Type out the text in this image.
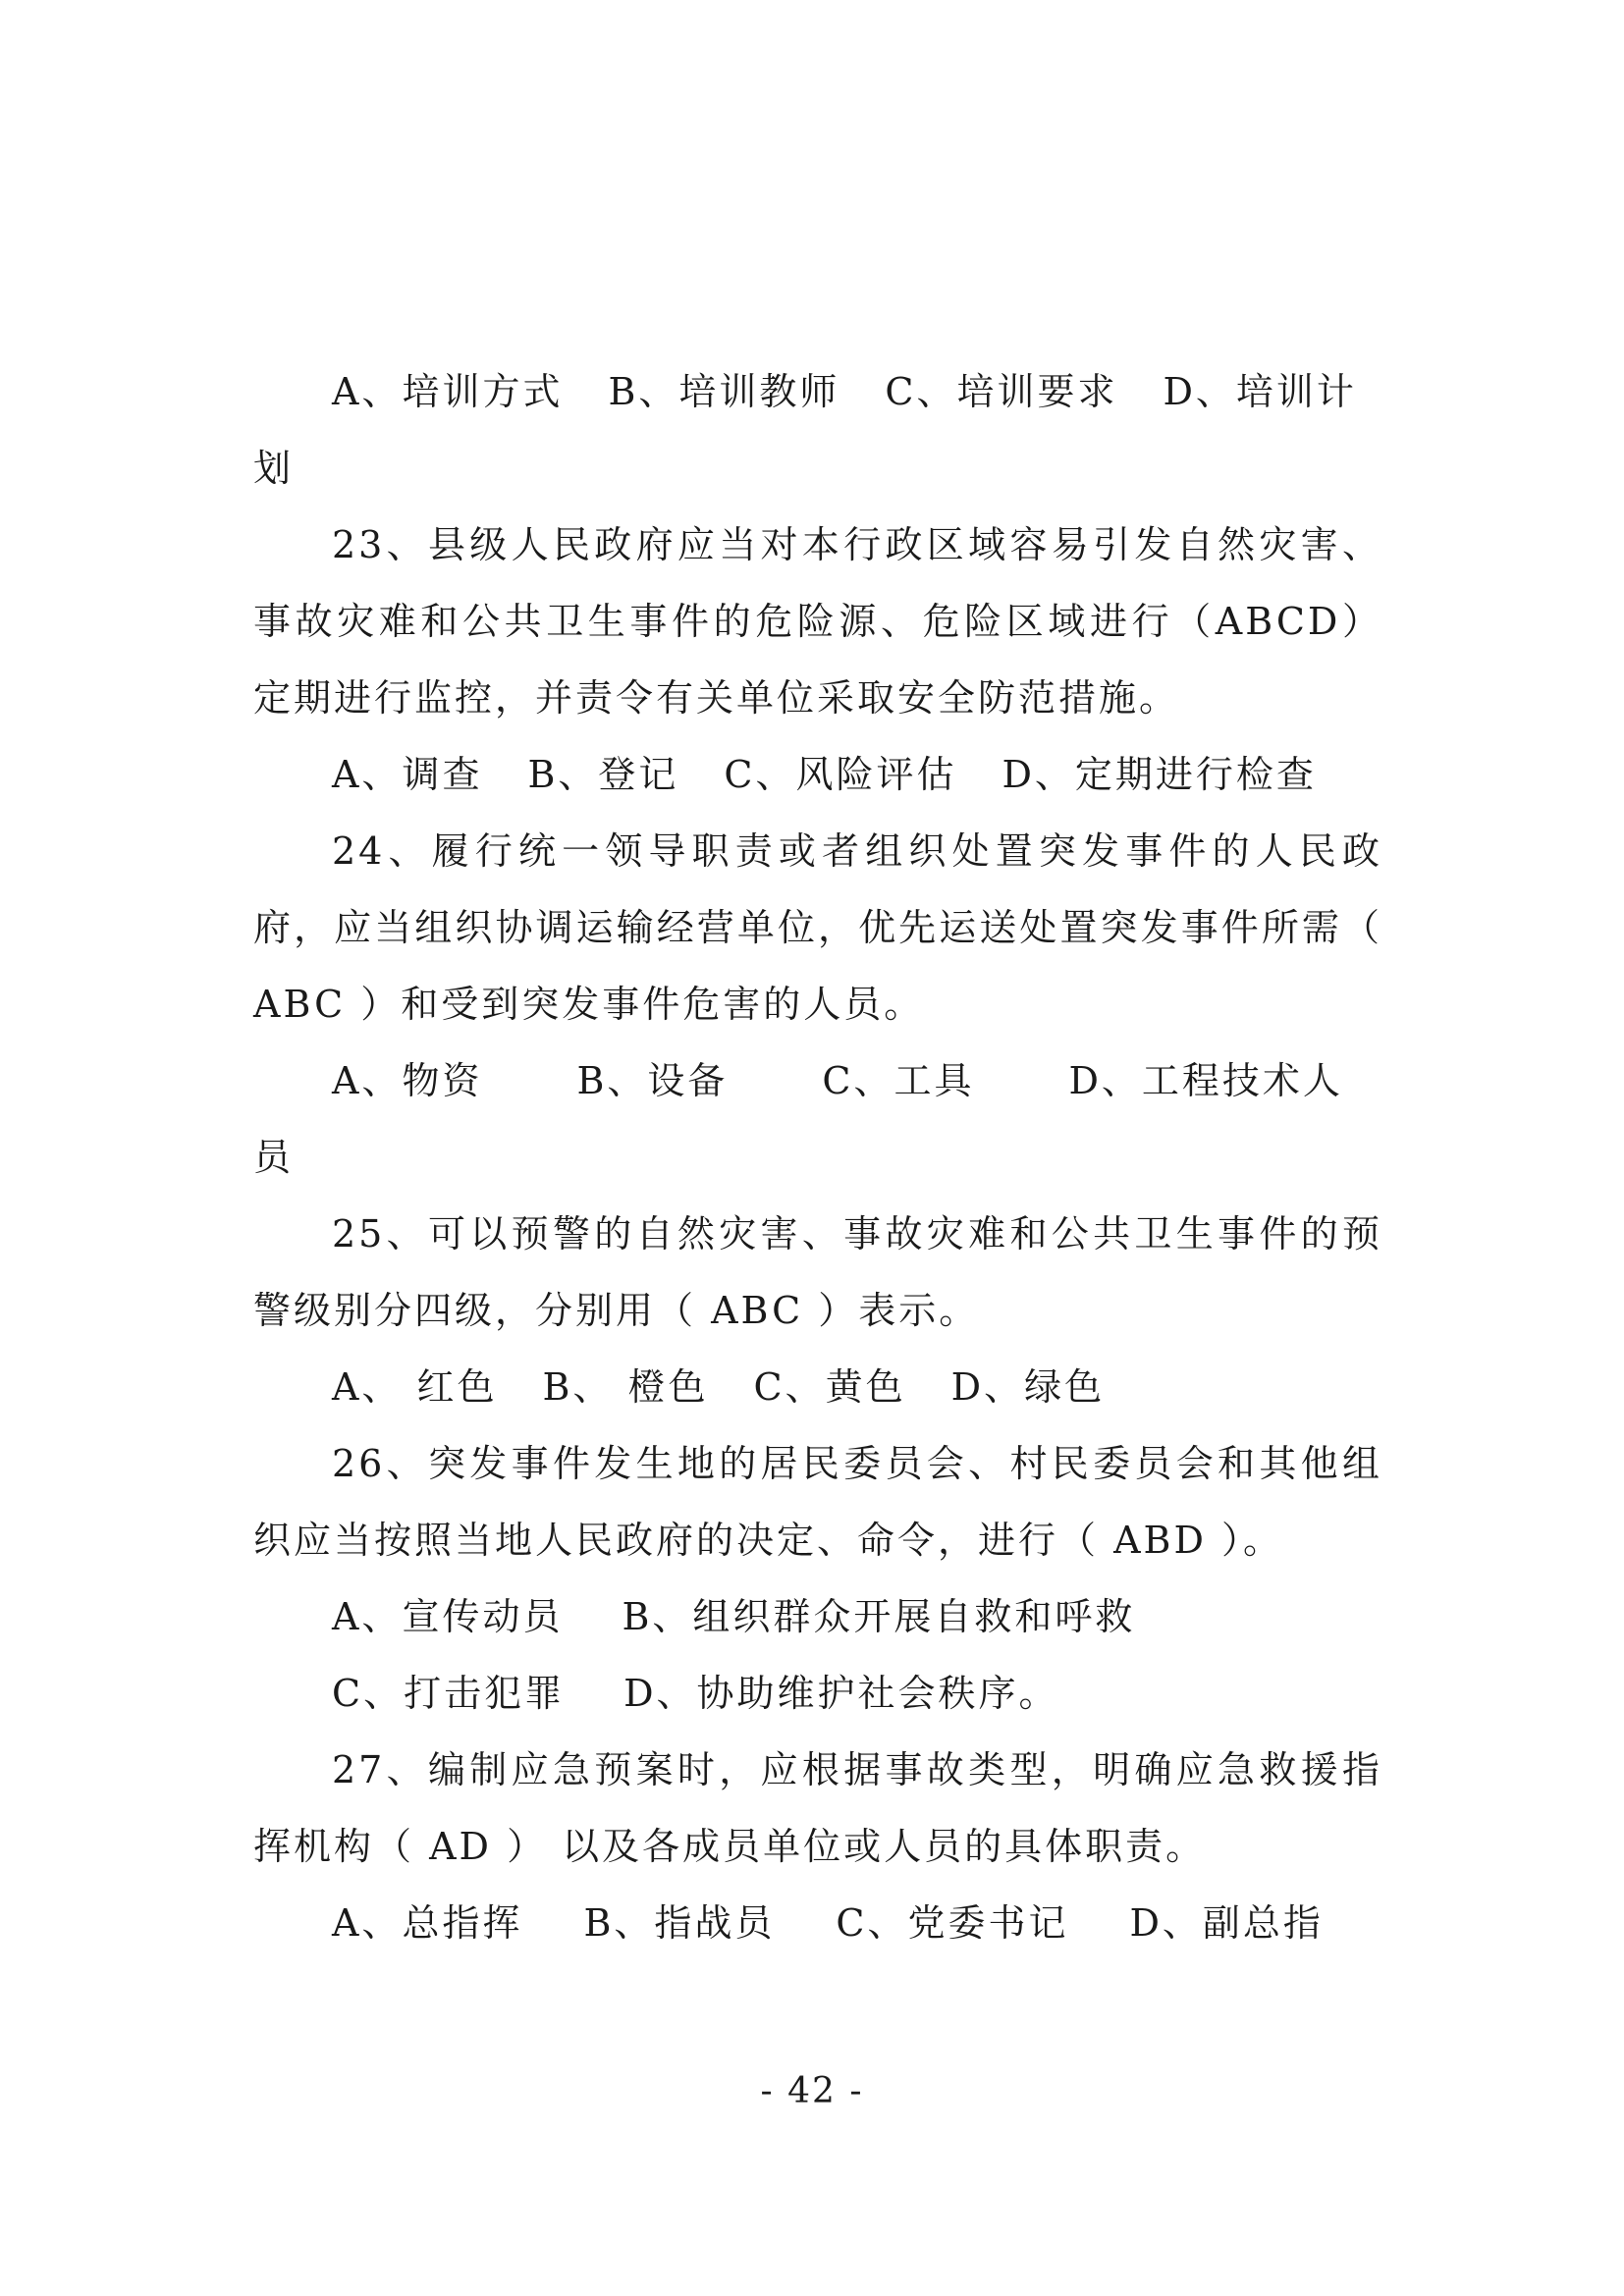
A、培训方式 B、培训教师 C、培训要求 D、培训计

划

23、县级人民政府应当对本行政区域容易引发自然灾害、事故灾难和公共卫生事件的危险源、危险区域进行（ABCD）定期进行监控，并责令有关单位采取安全防范措施。

A、调查 B、登记 C、风险评估 D、定期进行检查

24、履行统一领导职责或者组织处置突发事件的人民政府，应当组织协调运输经营单位，优先运送处置突发事件所需（ ABC ）和受到突发事件危害的人员。

A、物资	B、设备	C、工具	D、工程技术人

员

25、可以预警的自然灾害、事故灾难和公共卫生事件的预警级别分四级，分别用（ ABC ）表示。

A、 红色 B、 橙色 C、黄色 D、绿色

26、突发事件发生地的居民委员会、村民委员会和其他组织应当按照当地人民政府的决定、命令，进行（ ABD ）。

A、宣传动员 B、组织群众开展自救和呼救

C、打击犯罪 D、协助维护社会秩序。

27、编制应急预案时，应根据事故类型，明确应急救援指挥机构（ AD ） 以及各成员单位或人员的具体职责。

A、总指挥 B、指战员 C、党委书记 D、副总指

- 42 -
